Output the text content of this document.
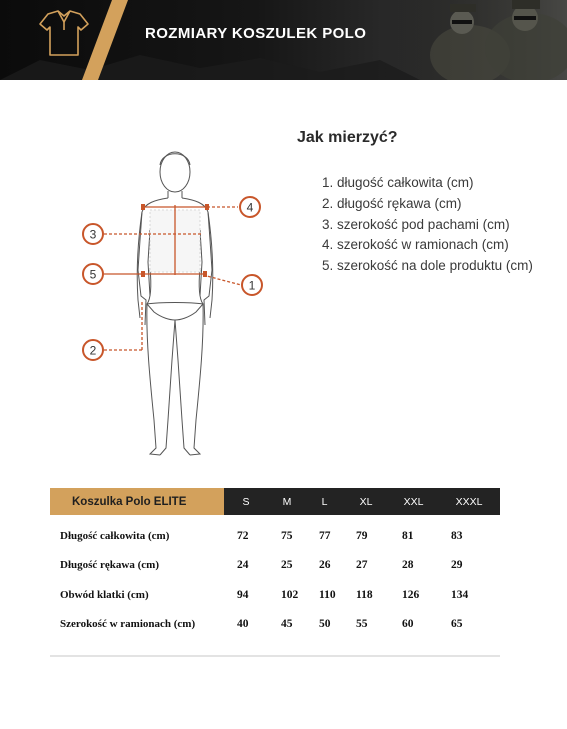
ROZMIARY KOSZULEK POLO
Jak mierzyć?
1. długość całkowita (cm)
2. długość rękawa (cm)
3. szerokość pod pachami (cm)
4. szerokość w ramionach (cm)
5. szerokość na dole produktu (cm)
4
3
5
1
2
Koszulka Polo ELITE	S	M	L	XL	XXL	XXXL
Długość całkowita (cm)	72	75	77	79	81	83
Długość rękawa (cm)	24	25	26	27	28	29
Obwód klatki (cm)	94	102	110	118	126	134
Szerokość w ramionach (cm)	40	45	50	55	60	65
